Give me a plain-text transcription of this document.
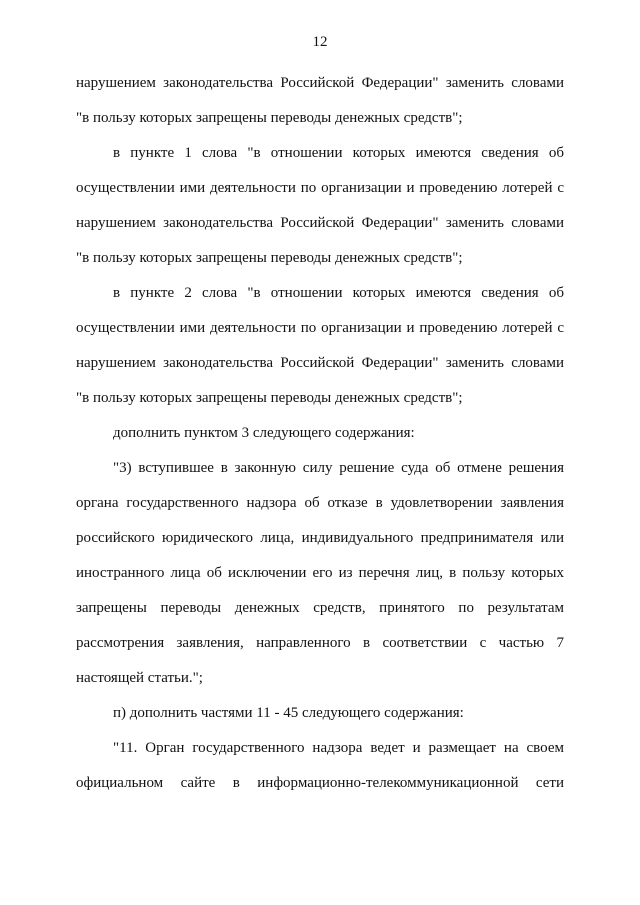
12
нарушением законодательства Российской Федерации" заменить словами
"в пользу которых запрещены переводы денежных средств";
в пункте 1 слова "в отношении которых имеются сведения об
осуществлении ими деятельности по организации и проведению лотерей с
нарушением законодательства Российской Федерации" заменить словами
"в пользу которых запрещены переводы денежных средств";
в пункте 2 слова "в отношении которых имеются сведения об
осуществлении ими деятельности по организации и проведению лотерей с
нарушением законодательства Российской Федерации" заменить словами
"в пользу которых запрещены переводы денежных средств";
дополнить пунктом 3 следующего содержания:
"3) вступившее в законную силу решение суда об отмене решения
органа государственного надзора об отказе в удовлетворении заявления
российского юридического лица, индивидуального предпринимателя или
иностранного лица об исключении его из перечня лиц, в пользу которых
запрещены переводы денежных средств, принятого по результатам
рассмотрения заявления, направленного в соответствии с частью 7
настоящей статьи.";
п) дополнить частями 11 - 45 следующего содержания:
"11. Орган государственного надзора ведет и размещает на своем
официальном сайте в информационно-телекоммуникационной сети
